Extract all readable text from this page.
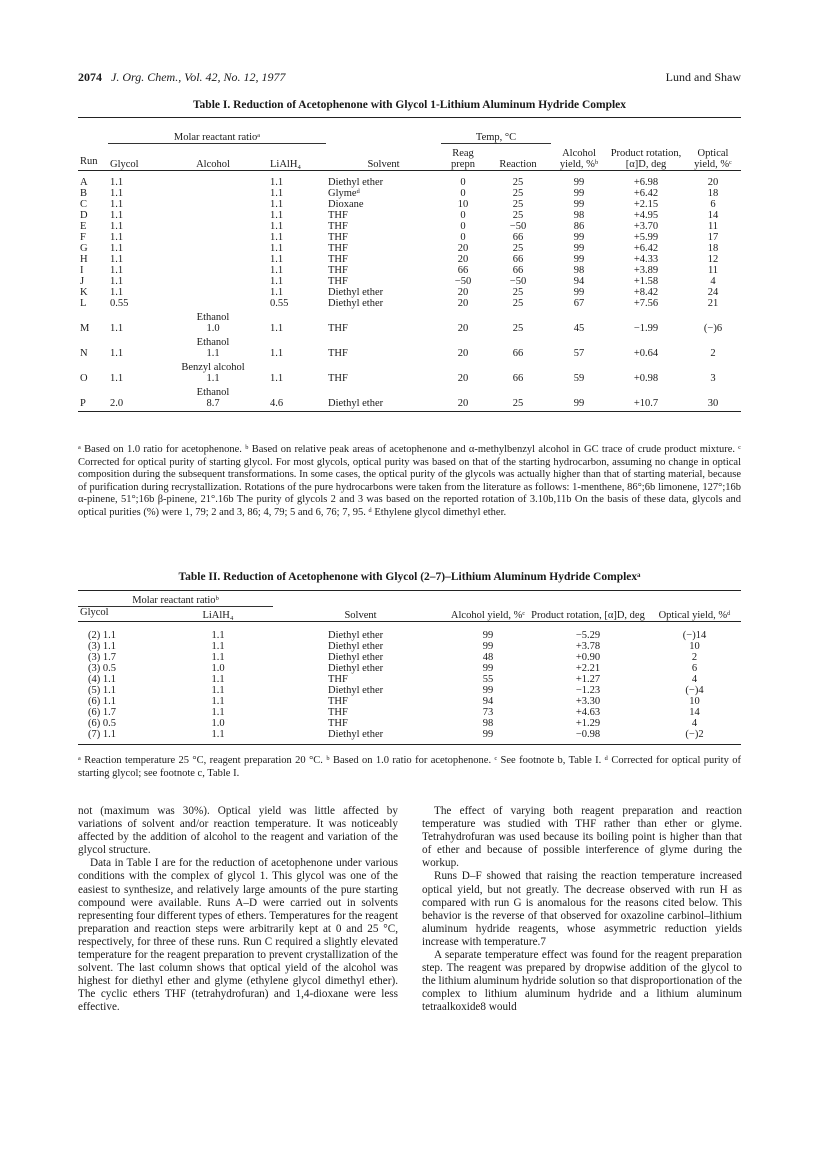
2074 J. Org. Chem., Vol. 42, No. 12, 1977	Lund and Shaw
Table I. Reduction of Acetophenone with Glycol 1-Lithium Aluminum Hydride Complex
	Molar reactant ratioᵃ				Temp, °C				
Run	Glycol	Alcohol	LiAlH₄	Solvent	Reag prepn	Reaction	Alcohol yield, %ᵇ	Product rotation, [α]D, deg	Optical yield, %ᶜ
A	1.1		1.1	Diethyl ether	0	25	99	+6.98	20
B	1.1		1.1	Glymeᵈ	0	25	99	+6.42	18
C	1.1		1.1	Dioxane	10	25	99	+2.15	6
D	1.1		1.1	THF	0	25	98	+4.95	14
E	1.1		1.1	THF	0	−50	86	+3.70	11
F	1.1		1.1	THF	0	66	99	+5.99	17
G	1.1		1.1	THF	20	25	99	+6.42	18
H	1.1		1.1	THF	20	66	99	+4.33	12
I	1.1		1.1	THF	66	66	98	+3.89	11
J	1.1		1.1	THF	−50	−50	94	+1.58	4
K	1.1		1.1	Diethyl ether	20	25	99	+8.42	24
L	0.55		0.55	Diethyl ether	20	25	67	+7.56	21
		Ethanol							
M	1.1	1.0	1.1	THF	20	25	45	−1.99	(−)6
		Ethanol							
N	1.1	1.1	1.1	THF	20	66	57	+0.64	2
		Benzyl alcohol							
O	1.1	1.1	1.1	THF	20	66	59	+0.98	3
		Ethanol							
P	2.0	8.7	4.6	Diethyl ether	20	25	99	+10.7	30
ᵃ Based on 1.0 ratio for acetophenone. ᵇ Based on relative peak areas of acetophenone and α-methylbenzyl alcohol in GC trace of crude product mixture. ᶜ Corrected for optical purity of starting glycol. For most glycols, optical purity was based on that of the starting hydrocarbon, assuming no change in optical composition during the subsequent transformations. In some cases, the optical purity of the glycols was actually higher than that of starting material, because of purification during recrystallization. Rotations of the pure hydrocarbons were taken from the literature as follows: 1-menthene, 86°;6b limonene, 127°;16b α-pinene, 51°;16b β-pinene, 21°.16b The purity of glycols 2 and 3 was based on the reported rotation of 3.10b,11b On the basis of these data, glycols and optical purities (%) were 1, 79; 2 and 3, 86; 4, 79; 5 and 6, 76; 7, 95. ᵈ Ethylene glycol dimethyl ether.
Table II. Reduction of Acetophenone with Glycol (2–7)–Lithium Aluminum Hydride Complexᵃ
Molar reactant ratioᵇ					
Glycol	LiAlH₄	Solvent	Alcohol yield, %ᶜ	Product rotation, [α]D, deg	Optical yield, %ᵈ
(2) 1.1	1.1	Diethyl ether	99	−5.29	(−)14
(3) 1.1	1.1	Diethyl ether	99	+3.78	10
(3) 1.7	1.1	Diethyl ether	48	+0.90	2
(3) 0.5	1.0	Diethyl ether	99	+2.21	6
(4) 1.1	1.1	THF	55	+1.27	4
(5) 1.1	1.1	Diethyl ether	99	−1.23	(−)4
(6) 1.1	1.1	THF	94	+3.30	10
(6) 1.7	1.1	THF	73	+4.63	14
(6) 0.5	1.0	THF	98	+1.29	4
(7) 1.1	1.1	Diethyl ether	99	−0.98	(−)2
ᵃ Reaction temperature 25 °C, reagent preparation 20 °C. ᵇ Based on 1.0 ratio for acetophenone. ᶜ See footnote b, Table I. ᵈ Corrected for optical purity of starting glycol; see footnote c, Table I.

not (maximum was 30%). Optical yield was little affected by variations of solvent and/or reaction temperature. It was noticeably affected by the addition of alcohol to the reagent and variation of the glycol structure.

Data in Table I are for the reduction of acetophenone under various conditions with the complex of glycol 1. This glycol was one of the easiest to synthesize, and relatively large amounts of the pure starting compound were available. Runs A–D were carried out in solvents representing four different types of ethers. Temperatures for the reagent preparation and reaction steps were arbitrarily kept at 0 and 25 °C, respectively, for three of these runs. Run C required a slightly elevated temperature for the reagent preparation to prevent crystallization of the solvent. The last column shows that optical yield of the alcohol was highest for diethyl ether and glyme (ethylene glycol dimethyl ether). The cyclic ethers THF (tetrahydrofuran) and 1,4-dioxane were less effective.

The effect of varying both reagent preparation and reaction temperature was studied with THF rather than ether or glyme. Tetrahydrofuran was used because its boiling point is higher than that of ether and because of possible interference of glyme during the workup.

Runs D–F showed that raising the reaction temperature increased optical yield, but not greatly. The decrease observed with run H as compared with run G is anomalous for the reasons cited below. This behavior is the reverse of that observed for oxazoline carbinol–lithium aluminum hydride reagents, whose asymmetric reduction yields increase with temperature.7

A separate temperature effect was found for the reagent preparation step. The reagent was prepared by dropwise addition of the glycol to the lithium aluminum hydride solution so that disproportionation of the complex to lithium aluminum hydride and a lithium aluminum tetraalkoxide8 would
